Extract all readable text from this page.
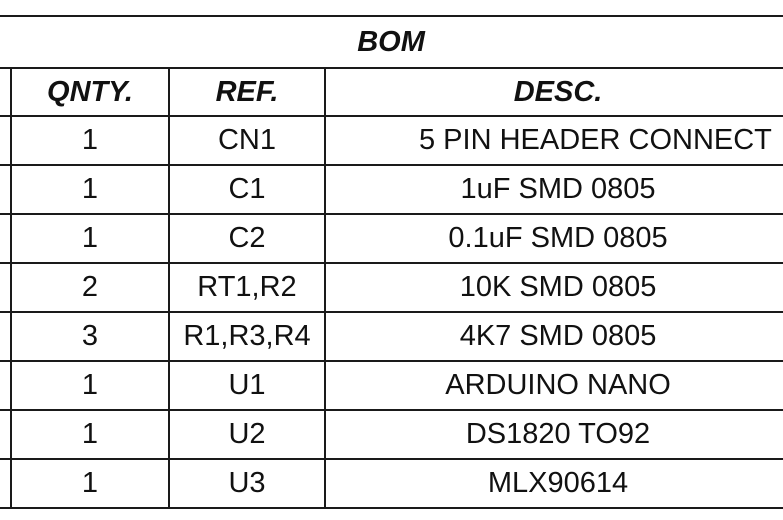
BOM			
	QNTY.	REF.	DESC.
	1	CN1	5 PIN HEADER CONNECT
	1	C1	1uF SMD 0805
	1	C2	0.1uF SMD 0805
	2	RT1,R2	10K SMD 0805
	3	R1,R3,R4	4K7 SMD 0805
	1	U1	ARDUINO NANO
	1	U2	DS1820 TO92
	1	U3	MLX90614
